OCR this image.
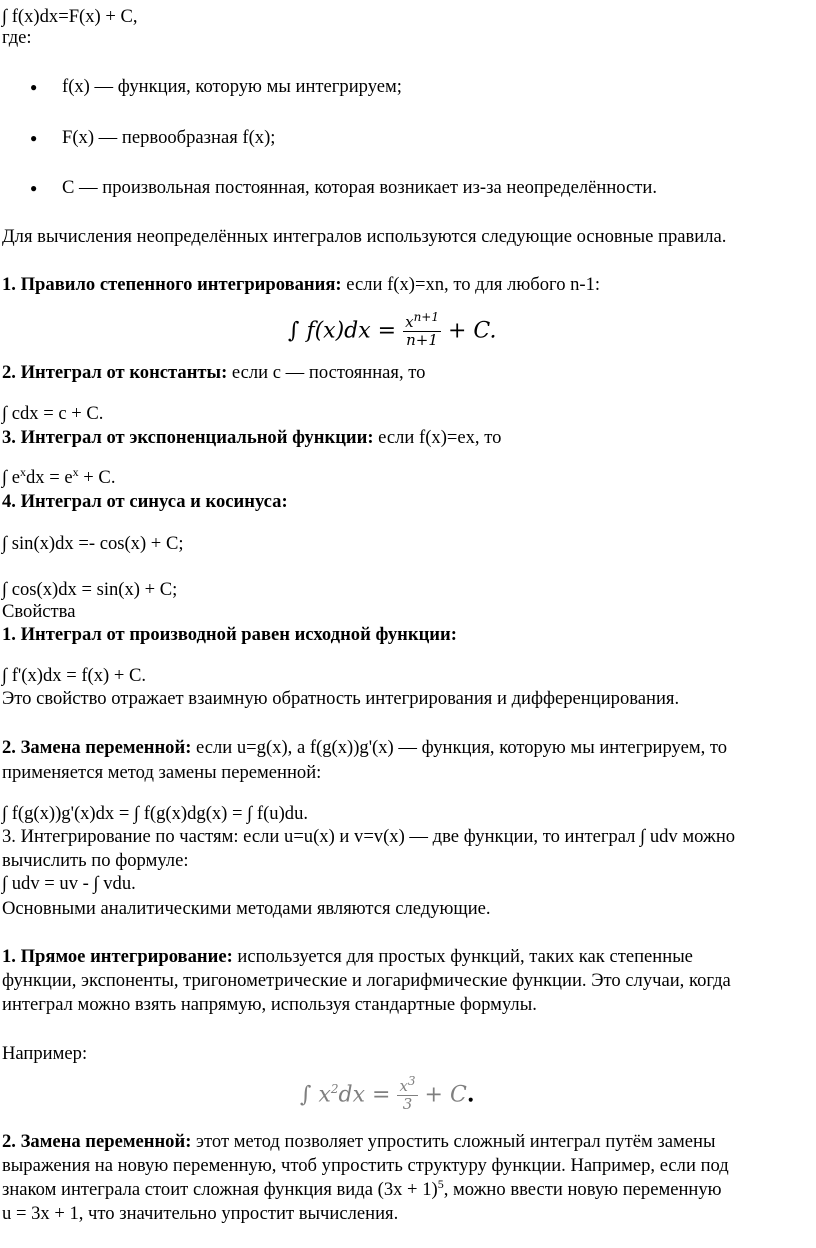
∫ f(x)dx=F(x) + C,
где:
● f(x) — функция, которую мы интегрируем;
● F(x) — первообразная f(x);
● C — произвольная постоянная, которая возникает из-за неопределённости.
Для вычисления неопределённых интегралов используются следующие основные правила.
1. Правило степенного интегрирования: если f(x)=xn, то для любого n-1:
∫ $f(x)dx = \frac{x^{n+1}}{n+1} + C$.
2. Интеграл от константы: если c — постоянная, то
∫ cdx = c + C.
3. Интеграл от экспоненциальной функции: если f(x)=ex, то
∫ $e^xdx = e^x + C$.
4. Интеграл от синуса и косинуса:
∫ sin(x)dx =- cos(x) + C;
∫ cos(x)dx = sin(x) + C;
Свойства
1. Интеграл от производной равен исходной функции:
∫ f'(x)dx = f(x) + C.
Это свойство отражает взаимную обратность интегрирования и дифференцирования.
2. Замена переменной: если u=g(x), а f(g(x))g'(x) — функция, которую мы интегрируем, то
применяется метод замены переменной:
∫ f(g(x))g'(x)dx = ∫ f(g(x)dg(x) = ∫ f(u)du.
3. Интегрирование по частям: если u=u(x) и v=v(x) — две функции, то интеграл ∫ udv можно
вычислить по формуле:
∫ udv = uv - ∫ vdu.
Основными аналитическими методами являются следующие.
1. Прямое интегрирование: используется для простых функций, таких как степенные
функции, экспоненты, тригонометрические и логарифмические функции. Это случаи, когда
интеграл можно взять напрямую, используя стандартные формулы.
Например:
∫ $x^2dx = \frac{x^3}{3} + C$.
2. Замена переменной: этот метод позволяет упростить сложный интеграл путём замены
выражения на новую переменную, чтоб упростить структуру функции. Например, если под
знаком интеграла стоит сложная функция вида $(3x + 1)^5$, можно ввести новую переменную
u = 3x + 1, что значительно упростит вычисления.
